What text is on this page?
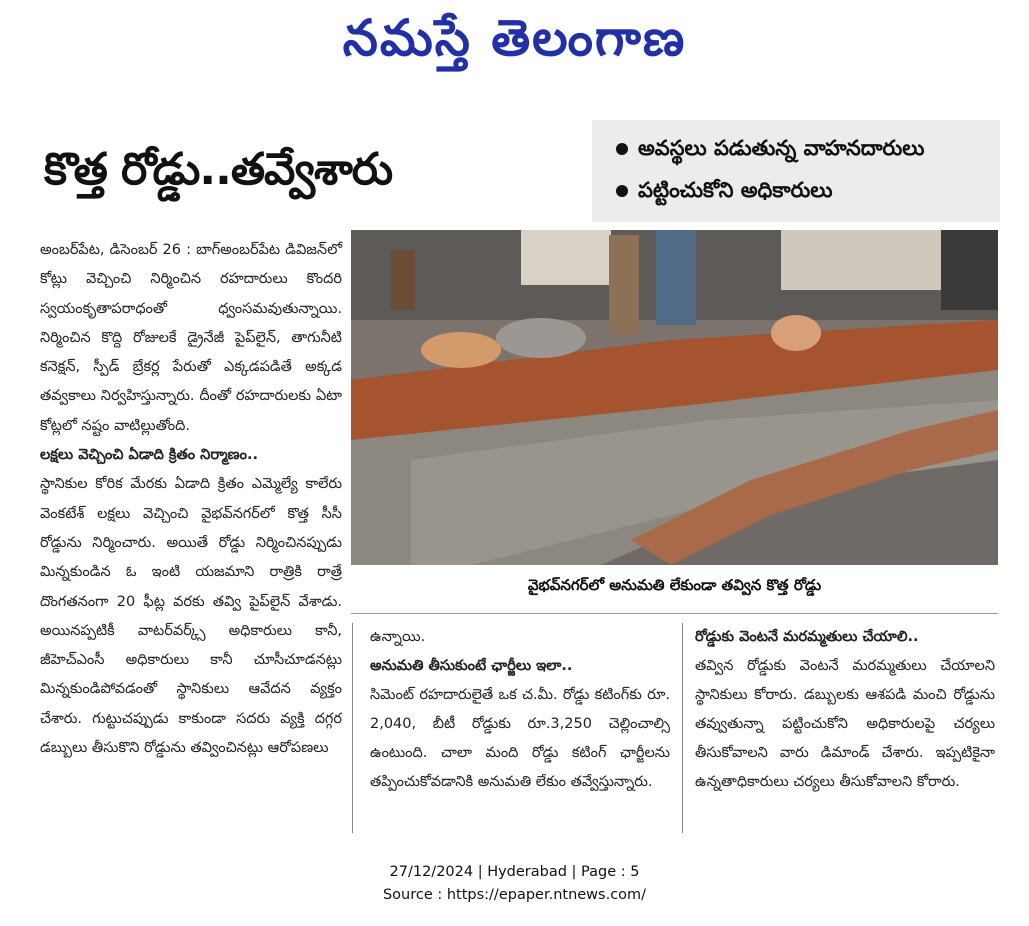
నమస్తే తెలంగాణ
కొత్త రోడ్డు..తవ్వేశారు	అవస్థలు పడుతున్న వాహనదారులు
పట్టించుకోని అధికారులు

అంబర్‌పేట, డిసెంబర్ 26 : బాగ్‌అంబర్‌పేట డివిజన్‌లో కోట్లు వెచ్చించి నిర్మించిన రహదారులు కొందరి స్వయంకృతాపరాధంతో ధ్వంసమవుతున్నాయి. నిర్మించిన కొద్ది రోజులకే డ్రైనేజీ పైప్‌లైన్, తాగునీటి కనెక్షన్, స్పీడ్ బ్రేకర్ల పేరుతో ఎక్కడపడితే అక్కడ తవ్వకాలు నిర్వహిస్తున్నారు. దీంతో రహదారులకు ఏటా కోట్లలో నష్టం వాటిల్లుతోంది.

లక్షలు వెచ్చించి ఏడాది క్రితం నిర్మాణం..

స్థానికుల కోరిక మేరకు ఏడాది క్రితం ఎమ్మెల్యే కాలేరు వెంకటేశ్ లక్షలు వెచ్చించి వైభవ్‌నగర్‌లో కొత్త సీసీ రోడ్డును నిర్మించారు. అయితే రోడ్డు నిర్మించినప్పుడు మిన్నకుండిన ఓ ఇంటి యజమాని రాత్రికి రాత్రే దొంగతనంగా 20 ఫీట్ల వరకు తవ్వి పైప్‌లైన్ వేశాడు. అయినప్పటికీ వాటర్‌వర్క్స్ అధికారులు కానీ, జీహెచ్‌ఎంసీ అధికారులు కానీ చూసీచూడనట్లు మిన్నకుండిపోవడంతో స్థానికులు ఆవేదన వ్యక్తం చేశారు. గుట్టుచప్పుడు కాకుండా సదరు వ్యక్తి దగ్గర డబ్బులు తీసుకొని రోడ్డును తవ్వించినట్లు ఆరోపణలు

వైభవ్‌నగర్‌లో అనుమతి లేకుండా తవ్విన కొత్త రోడ్డు

ఉన్నాయి.

అనుమతి తీసుకుంటే ఛార్జీలు ఇలా..

సిమెంట్ రహదారులైతే ఒక చ.మీ. రోడ్డు కటింగ్‌కు రూ. 2,040, బీటీ రోడ్డుకు రూ.3,250 చెల్లించాల్సి ఉంటుంది. చాలా మంది రోడ్డు కటింగ్ ఛార్జీలను తప్పించుకోవడానికి అనుమతి లేకుం తవ్వేస్తున్నారు.

రోడ్డుకు వెంటనే మరమ్మతులు చేయాలి..

తవ్విన రోడ్డుకు వెంటనే మరమ్మతులు చేయాలని స్థానికులు కోరారు. డబ్బులకు ఆశపడి మంచి రోడ్డును తవ్వుతున్నా పట్టించుకోని అధికారులపై చర్యలు తీసుకోవాలని వారు డిమాండ్ చేశారు. ఇప్పటికైనా ఉన్నతాధికారులు చర్యలు తీసుకోవాలని కోరారు.

27/12/2024 | Hyderabad | Page : 5
Source : https://epaper.ntnews.com/
